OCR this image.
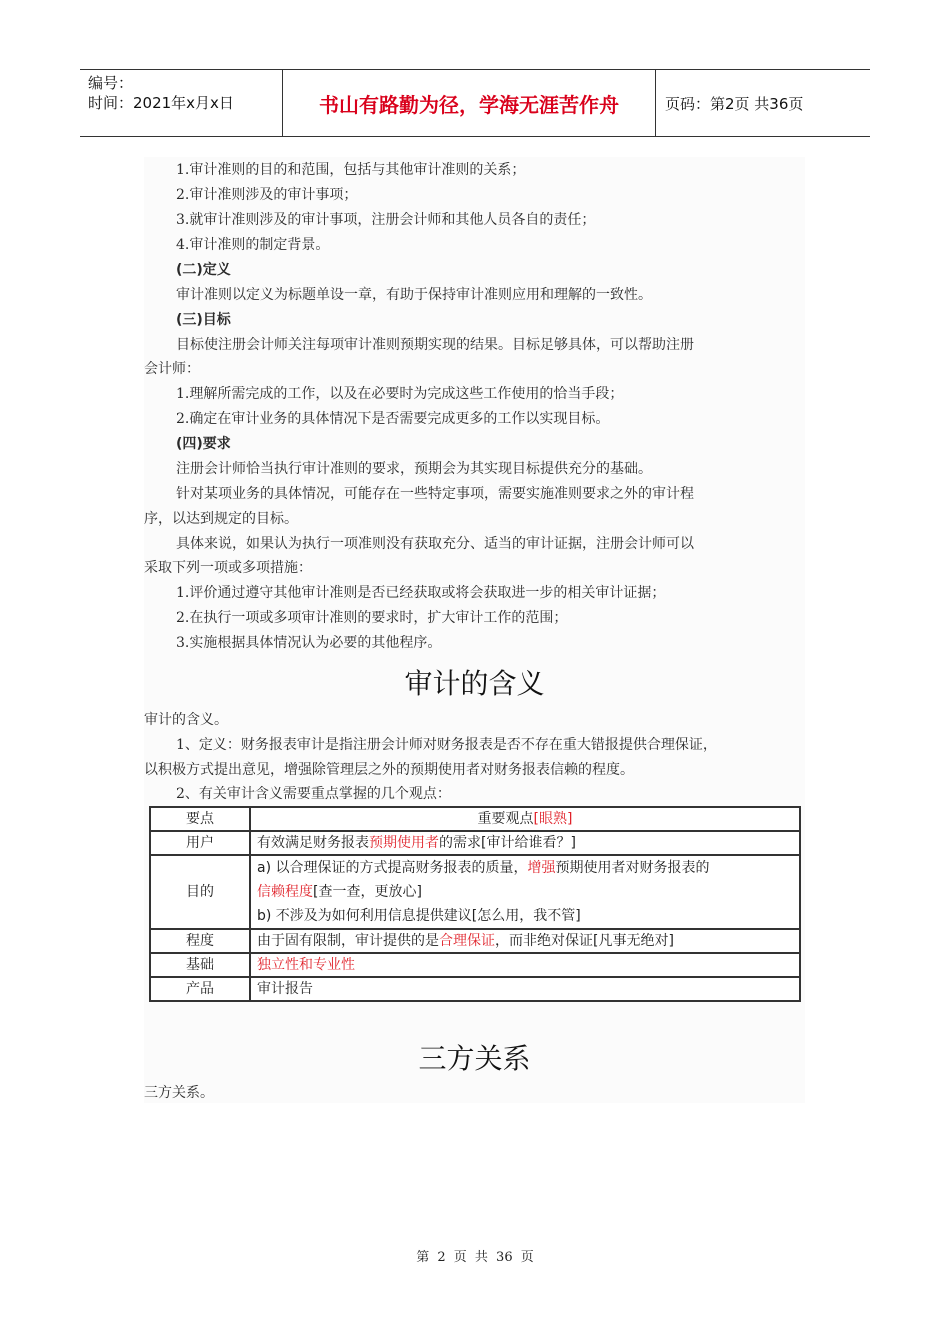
编号：
时间：2021年x月x日	书山有路勤为径，学海无涯苦作舟	页码：第2页 共36页
1.审计准则的目的和范围，包括与其他审计准则的关系；
2.审计准则涉及的审计事项；
3.就审计准则涉及的审计事项，注册会计师和其他人员各自的责任；
4.审计准则的制定背景。
(二)定义
审计准则以定义为标题单设一章，有助于保持审计准则应用和理解的一致性。
(三)目标
目标使注册会计师关注每项审计准则预期实现的结果。目标足够具体，可以帮助注册
会计师：
1.理解所需完成的工作，以及在必要时为完成这些工作使用的恰当手段；
2.确定在审计业务的具体情况下是否需要完成更多的工作以实现目标。
(四)要求
注册会计师恰当执行审计准则的要求，预期会为其实现目标提供充分的基础。
针对某项业务的具体情况，可能存在一些特定事项，需要实施准则要求之外的审计程
序，以达到规定的目标。
具体来说，如果认为执行一项准则没有获取充分、适当的审计证据，注册会计师可以
采取下列一项或多项措施：
1.评价通过遵守其他审计准则是否已经获取或将会获取进一步的相关审计证据；
2.在执行一项或多项审计准则的要求时，扩大审计工作的范围；
3.实施根据具体情况认为必要的其他程序。
审计的含义
审计的含义。
1、定义：财务报表审计是指注册会计师对财务报表是否不存在重大错报提供合理保证，
以积极方式提出意见，增强除管理层之外的预期使用者对财务报表信赖的程度。
2、有关审计含义需要重点掌握的几个观点：
要点	重要观点[眼熟]
用户	有效满足财务报表预期使用者的需求[审计给谁看？]
目的	a) 以合理保证的方式提高财务报表的质量，增强预期使用者对财务报表的
信赖程度[查一查，更放心]
b) 不涉及为如何利用信息提供建议[怎么用，我不管]

程度	由于固有限制，审计提供的是合理保证，而非绝对保证[凡事无绝对]
基础	独立性和专业性
产品	审计报告
三方关系
三方关系。
第 2 页 共 36 页
